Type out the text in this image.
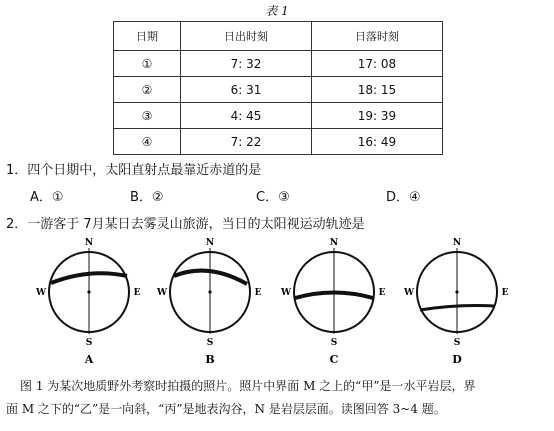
表 1
日期	日出时刻	日落时刻
①	7: 32	17: 08
②	6: 31	18: 15
③	4: 45	19: 39
④	7: 22	16: 49
1．四个日期中，太阳直射点最靠近赤道的是
A．①	B．②	C．③	D．④
2．一游客于 7月某日去雾灵山旅游，当日的太阳视运动轨迹是
N
S
W	E
A
N
S
W	E
B
N
S
W	E
C
N
S
W	E
D
图 1 为某次地质野外考察时拍摄的照片。照片中界面 M 之上的“甲”是一水平岩层，界
面 M 之下的“乙”是一向斜，“丙”是地表沟谷，N 是岩层层面。读图回答 3~4 题。
